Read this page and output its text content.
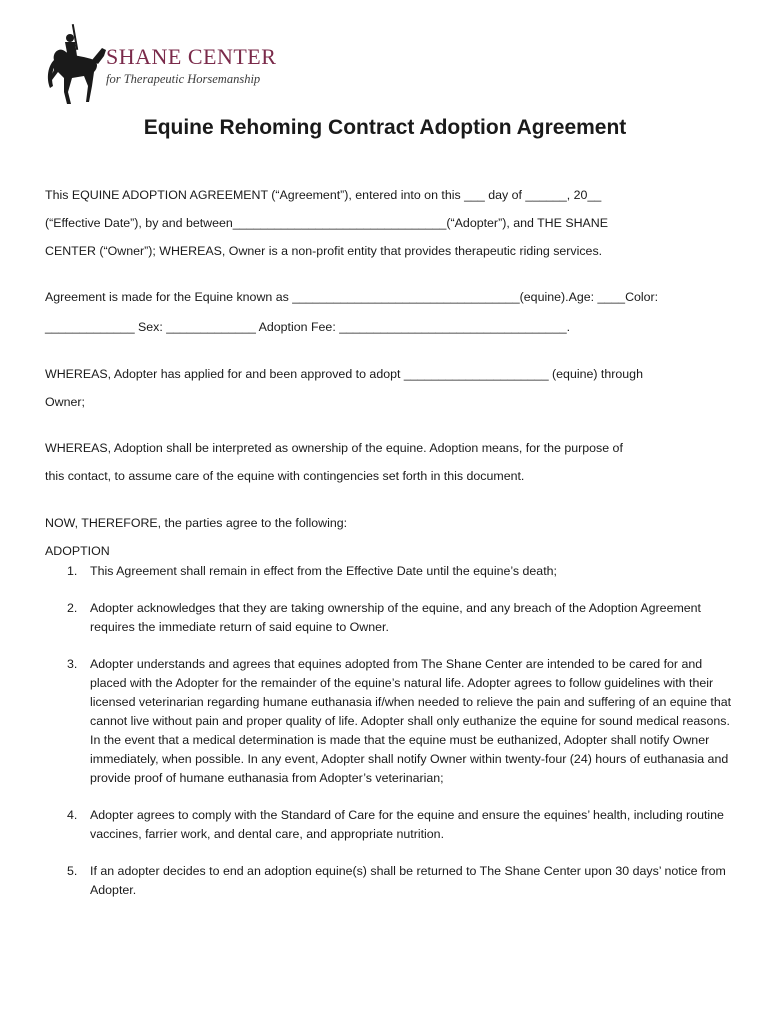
SHANE CENTER
for Therapeutic Horsemanship
Equine Rehoming Contract Adoption Agreement
This EQUINE ADOPTION AGREEMENT (“Agreement”), entered into on this ___ day of ______, 20__
(“Effective Date”), by and between_______________________________(“Adopter”), and THE SHANE
CENTER (“Owner”); WHEREAS, Owner is a non-profit entity that provides therapeutic riding services.
Agreement is made for the Equine known as _________________________________(equine).Age: ____Color:
_____________ Sex: _____________ Adoption Fee: _________________________________.
WHEREAS, Adopter has applied for and been approved to adopt _____________________ (equine) through
Owner;
WHEREAS, Adoption shall be interpreted as ownership of the equine. Adoption means, for the purpose of
this contact, to assume care of the equine with contingencies set forth in this document.
NOW, THEREFORE, the parties agree to the following:
ADOPTION
1. This Agreement shall remain in effect from the Effective Date until the equine’s death;
2. Adopter acknowledges that they are taking ownership of the equine, and any breach of the Adoption Agreement requires the immediate return of said equine to Owner.
3. Adopter understands and agrees that equines adopted from The Shane Center are intended to be cared for and placed with the Adopter for the remainder of the equine’s natural life. Adopter agrees to follow guidelines with their licensed veterinarian regarding humane euthanasia if/when needed to relieve the pain and suffering of an equine that cannot live without pain and proper quality of life. Adopter shall only euthanize the equine for sound medical reasons. In the event that a medical determination is made that the equine must be euthanized, Adopter shall notify Owner immediately, when possible. In any event, Adopter shall notify Owner within twenty-four (24) hours of euthanasia and provide proof of humane euthanasia from Adopter’s veterinarian;
4. Adopter agrees to comply with the Standard of Care for the equine and ensure the equines’ health, including routine vaccines, farrier work, and dental care, and appropriate nutrition.
5. If an adopter decides to end an adoption equine(s) shall be returned to The Shane Center upon 30 days’ notice from Adopter.
